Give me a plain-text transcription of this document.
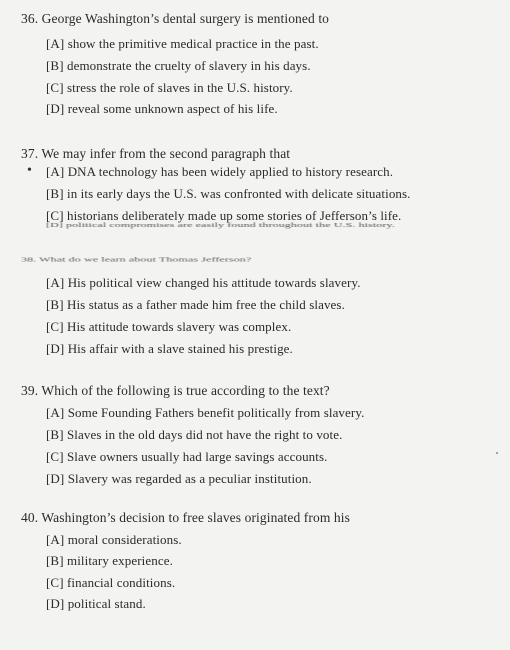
36. George Washington’s dental surgery is mentioned to
[A] show the primitive medical practice in the past.
[B] demonstrate the cruelty of slavery in his days.
[C] stress the role of slaves in the U.S. history.
[D] reveal some unknown aspect of his life.
37. We may infer from the second paragraph that
• [A] DNA technology has been widely applied to history research.
[B] in its early days the U.S. was confronted with delicate situations.
[C] historians deliberately made up some stories of Jefferson’s life.
[D] political compromises are easily found throughout the U.S. history.
38. What do we learn about Thomas Jefferson?
[A] His political view changed his attitude towards slavery.
[B] His status as a father made him free the child slaves.
[C] His attitude towards slavery was complex.
[D] His affair with a slave stained his prestige.
39. Which of the following is true according to the text?
[A] Some Founding Fathers benefit politically from slavery.
[B] Slaves in the old days did not have the right to vote.
[C] Slave owners usually had large savings accounts.
[D] Slavery was regarded as a peculiar institution.
40. Washington’s decision to free slaves originated from his
[A] moral considerations.
[B] military experience.
[C] financial conditions.
[D] political stand.
